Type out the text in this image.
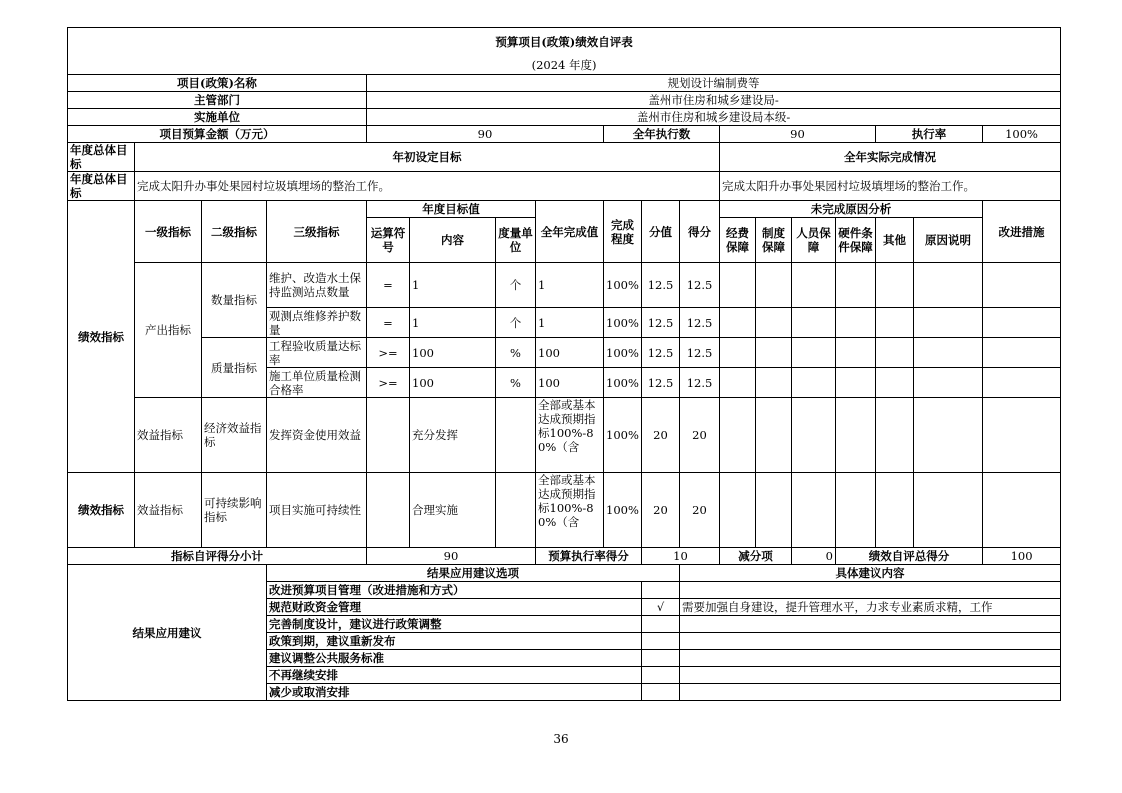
预算项目(政策)绩效自评表																	
(2024 年度)																	
项目(政策)名称				规划设计编制费等													
主管部门				盖州市住房和城乡建设局-													
实施单位				盖州市住房和城乡建设局本级-													
项目预算金额（万元）				90				全年执行数			90				执行率		100%
年度总体目标	年初设定目标										全年实际完成情况						
年度总体目标	完成太阳升办事处果园村垃圾填埋场的整治工作。										完成太阳升办事处果园村垃圾填埋场的整治工作。						
绩效指标	一级指标	二级指标	三级指标	年度目标值			全年完成值	完成程度	分值	得分	未完成原因分析						改进措施
				运算符号	内容	度量单位					经费保障	制度保障	人员保障	硬件条件保障	其他	原因说明	
	产出指标	数量指标	维护、改造水土保持监测站点数量	=	1	个	1	100%	12.5	12.5							
			观测点维修养护数量	=	1	个	1	100%	12.5	12.5							
		质量指标	工程验收质量达标率	>=	100	%	100	100%	12.5	12.5							
			施工单位质量检测合格率	>=	100	%	100	100%	12.5	12.5							
	效益指标	经济效益指标	发挥资金使用效益		充分发挥		全部或基本达成预期指标100%-80%（含	100%	20	20							
绩效指标	效益指标	可持续影响指标	项目实施可持续性		合理实施		全部或基本达成预期指标100%-80%（含	100%	20	20							
指标自评得分小计				90			预算执行率得分		10		减分项		0	绩效自评总得分			100
结果应用建议			结果应用建议选项							具体建议内容							
			改进预算项目管理（改进措施和方式）														
			规范财政资金管理						√	需要加强自身建设，提升管理水平，力求专业素质求精，工作							
			完善制度设计，建议进行政策调整														
			政策到期，建议重新发布														
			建议调整公共服务标准														
			不再继续安排														
			减少或取消安排														
36
